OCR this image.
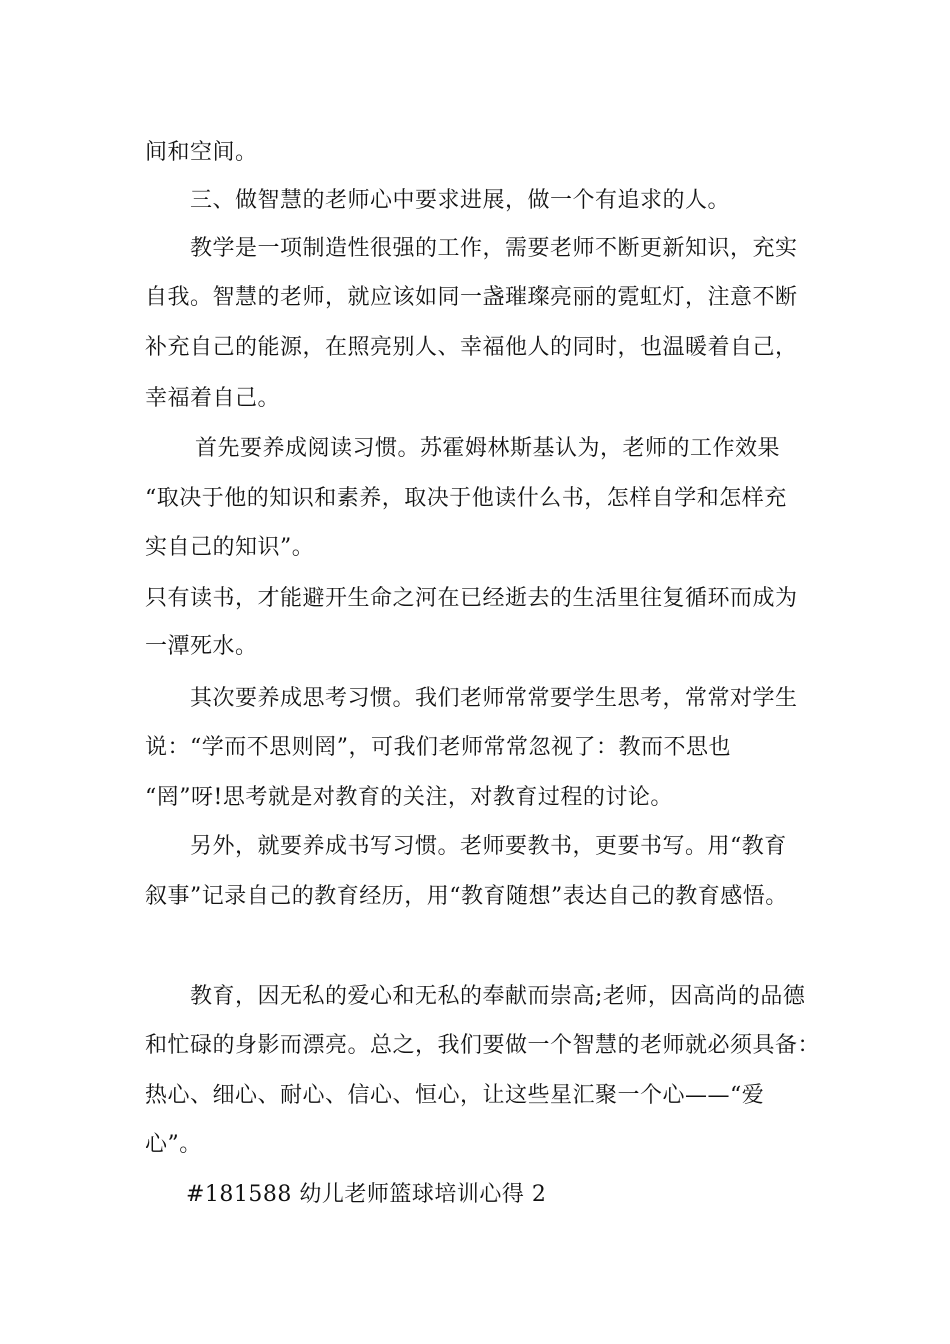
间和空间。
三、做智慧的老师心中要求进展，做一个有追求的人。
教学是一项制造性很强的工作，需要老师不断更新知识，充实
自我。智慧的老师，就应该如同一盏璀璨亮丽的霓虹灯，注意不断
补充自己的能源，在照亮别人、幸福他人的同时，也温暖着自己，
幸福着自己。
首先要养成阅读习惯。苏霍姆林斯基认为，老师的工作效果
“取决于他的知识和素养，取决于他读什么书，怎样自学和怎样充
实自己的知识”。
只有读书，才能避开生命之河在已经逝去的生活里往复循环而成为
一潭死水。
其次要养成思考习惯。我们老师常常要学生思考，常常对学生
说：“学而不思则罔”，可我们老师常常忽视了：教而不思也
“罔”呀!思考就是对教育的关注，对教育过程的讨论。
另外，就要养成书写习惯。老师要教书，更要书写。用“教育
叙事”记录自己的教育经历，用“教育随想”表达自己的教育感悟。
教育，因无私的爱心和无私的奉献而崇高;老师，因高尚的品德
和忙碌的身影而漂亮。总之，我们要做一个智慧的老师就必须具备：
热心、细心、耐心、信心、恒心，让这些星汇聚一个心——“爱
心”。
#181588 幼儿老师篮球培训心得 2
